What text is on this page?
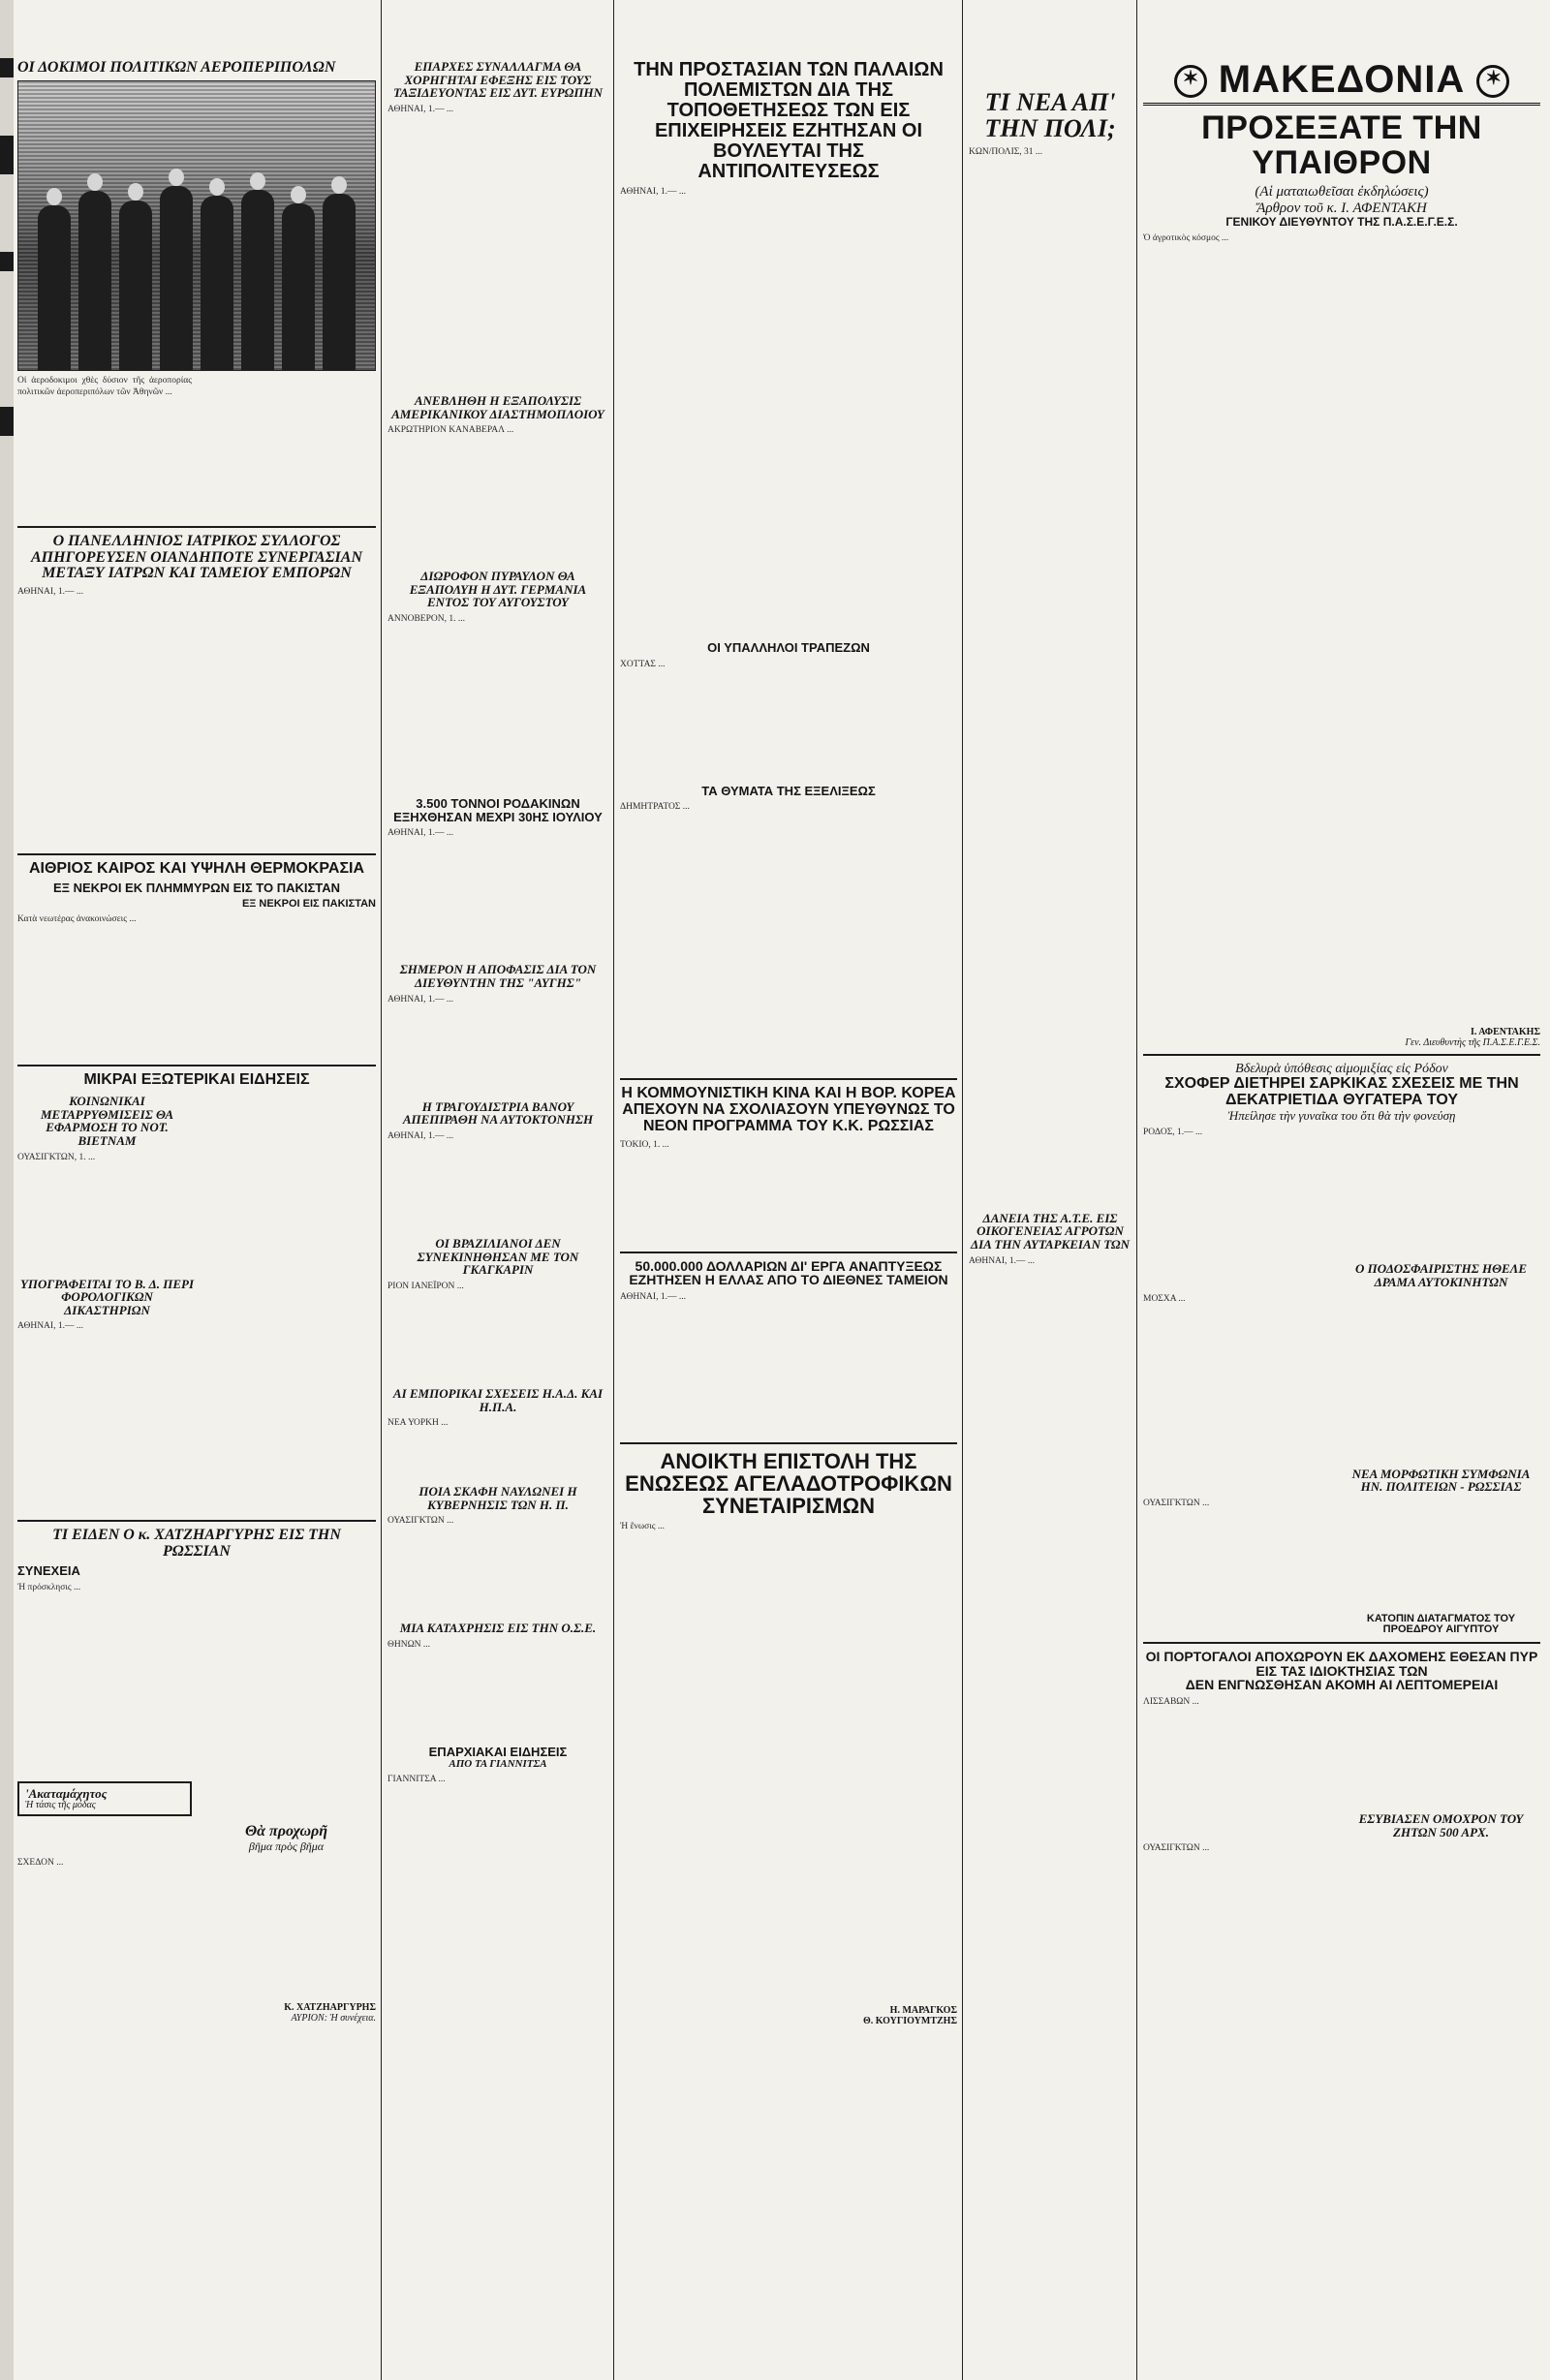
ΟΙ ΔΟΚΙΜΟΙ ΠΟΛΙΤΙΚΩΝ ΑΕΡΟΠΕΡΙΠΟΛΩΝ
Οἱ ἀεροδοκιμοι χθὲς δύσιον τῆς ἀεροπορίας πολιτικῶν ἀεροπεριπόλων τῶν Ἀθηνῶν ...
Ο ΠΑΝΕΛΛΗΝΙΟΣ ΙΑΤΡΙΚΟΣ ΣΥΛΛΟΓΟΣ ΑΠΗΓΟΡΕΥΣΕΝ ΟΙΑΝΔΗΠΟΤΕ ΣΥΝΕΡΓΑΣΙΑΝ ΜΕΤΑΞΥ ΙΑΤΡΩΝ ΚΑΙ ΤΑΜΕΙΟΥ ΕΜΠΟΡΩΝ
ΑΘΗΝΑΙ, 1.— ...
ΑΙΘΡΙΟΣ ΚΑΙΡΟΣ ΚΑΙ ΥΨΗΛΗ ΘΕΡΜΟΚΡΑΣΙΑ
ΕΞ ΝΕΚΡΟΙ ΕΚ ΠΛΗΜΜΥΡΩΝ ΕΙΣ ΤΟ ΠΑΚΙΣΤΑΝ
ΕΞ ΝΕΚΡΟΙ ΕΙΣ ΠΑΚΙΣΤΑΝ
Κατὰ νεωτέρας ἀνακοινώσεις ...
ΜΙΚΡΑΙ ΕΞΩΤΕΡΙΚΑΙ ΕΙΔΗΣΕΙΣ
ΚΟΙΝΩΝΙΚΑΙ ΜΕΤΑΡΡΥΘΜΙΣΕΙΣ ΘΑ ΕΦΑΡΜΟΣΗ ΤΟ ΝΟΤ. ΒΙΕΤΝΑΜ
ΟΥΑΣΙΓΚΤΩΝ, 1. ...
ΥΠΟΓΡΑΦΕΙΤΑΙ ΤΟ Β. Δ. ΠΕΡΙ ΦΟΡΟΛΟΓΙΚΩΝ ΔΙΚΑΣΤΗΡΙΩΝ
ΑΘΗΝΑΙ, 1.— ...
ΤΙ ΕΙΔΕΝ Ο κ. ΧΑΤΖΗΑΡΓΥΡΗΣ ΕΙΣ ΤΗΝ ΡΩΣΣΙΑΝ
ΣΥΝΕΧΕΙΑ
Ἡ πρόσκλησις ...
'Ακαταμάχητος
Ἡ τάσις τῆς μόδας
Θὰ προχωρῆ
βῆμα πρὸς βῆμα
ΣΧΕΔΟΝ ...
Κ. ΧΑΤΖΗΑΡΓΥΡΗΣ
ΑΥΡΙΟΝ: Ἡ συνέχεια.
ΕΠΑΡΧΕΣ ΣΥΝΑΛΛΑΓΜΑ ΘΑ ΧΟΡΗΓΗΤΑΙ ΕΦΕΞΗΣ ΕΙΣ ΤΟΥΣ ΤΑΞΙΔΕΥΟΝΤΑΣ ΕΙΣ ΔΥΤ. ΕΥΡΩΠΗΝ
ΑΘΗΝΑΙ, 1.— ...
ΑΝΕΒΛΗΘΗ Η ΕΞΑΠΟΛΥΣΙΣ ΑΜΕΡΙΚΑΝΙΚΟΥ ΔΙΑΣΤΗΜΟΠΛΟΙΟΥ
ΑΚΡΩΤΗΡΙΟΝ ΚΑΝΑΒΕΡΑΛ ...
ΔΙΩΡΟΦΟΝ ΠΥΡΑΥΛΟΝ ΘΑ ΕΞΑΠΟΛΥΗ Η ΔΥΤ. ΓΕΡΜΑΝΙΑ ΕΝΤΟΣ ΤΟΥ ΑΥΓΟΥΣΤΟΥ
ΑΝΝΟΒΕΡΟΝ, 1. ...
3.500 ΤΟΝΝΟΙ ΡΟΔΑΚΙΝΩΝ ΕΞΗΧΘΗΣΑΝ ΜΕΧΡΙ 30ΗΣ ΙΟΥΛΙΟΥ
ΑΘΗΝΑΙ, 1.— ...
ΣΗΜΕΡΟΝ Η ΑΠΟΦΑΣΙΣ ΔΙΑ ΤΟΝ ΔΙΕΥΘΥΝΤΗΝ ΤΗΣ "ΑΥΓΗΣ"
ΑΘΗΝΑΙ, 1.— ...
Η ΤΡΑΓΟΥΔΙΣΤΡΙΑ ΒΑΝΟΥ ΑΠΕΠΙΡΑΘΗ ΝΑ ΑΥΤΟΚΤΟΝΗΣΗ
ΑΘΗΝΑΙ, 1.— ...
ΟΙ ΒΡΑΖΙΛΙΑΝΟΙ ΔΕΝ ΣΥΝΕΚΙΝΗΘΗΣΑΝ ΜΕ ΤΟΝ ΓΚΑΓΚΑΡΙΝ
ΡΙΟΝ ΙΑΝΕΪΡΟΝ ...
ΑΙ ΕΜΠΟΡΙΚΑΙ ΣΧΕΣΕΙΣ Η.Α.Δ. ΚΑΙ Η.Π.Α.
ΝΕΑ ΥΟΡΚΗ ...
ΠΟΙΑ ΣΚΑΦΗ ΝΑΥΛΩΝΕΙ Η ΚΥΒΕΡΝΗΣΙΣ ΤΩΝ Η. Π.
ΟΥΑΣΙΓΚΤΩΝ ...
ΜΙΑ ΚΑΤΑΧΡΗΣΙΣ ΕΙΣ ΤΗΝ Ο.Σ.Ε.
ΘΗΝΩΝ ...
ΕΠΑΡΧΙΑΚΑΙ ΕΙΔΗΣΕΙΣ
ΑΠΟ ΤΑ ΓΙΑΝΝΙΤΣΑ
ΓΙΑΝΝΙΤΣΑ ...
ΤΗΝ ΠΡΟΣΤΑΣΙΑΝ ΤΩΝ ΠΑΛΑΙΩΝ ΠΟΛΕΜΙΣΤΩΝ ΔΙΑ ΤΗΣ ΤΟΠΟΘΕΤΗΣΕΩΣ ΤΩΝ ΕΙΣ ΕΠΙΧΕΙΡΗΣΕΙΣ ΕΖΗΤΗΣΑΝ ΟΙ ΒΟΥΛΕΥΤΑΙ ΤΗΣ ΑΝΤΙΠΟΛΙΤΕΥΣΕΩΣ
ΑΘΗΝΑΙ, 1.— ...
ΟΙ ΥΠΑΛΛΗΛΟΙ ΤΡΑΠΕΖΩΝ
ΧΟΤΤΑΣ ...
ΤΑ ΘΥΜΑΤΑ ΤΗΣ ΕΞΕΛΙΞΕΩΣ
ΔΗΜΗΤΡΑΤΟΣ ...
Η ΚΟΜΜΟΥΝΙΣΤΙΚΗ ΚΙΝΑ ΚΑΙ Η ΒΟΡ. ΚΟΡΕΑ ΑΠΕΧΟΥΝ ΝΑ ΣΧΟΛΙΑΣΟΥΝ ΥΠΕΥΘΥΝΩΣ ΤΟ ΝΕΟΝ ΠΡΟΓΡΑΜΜΑ ΤΟΥ Κ.Κ. ΡΩΣΣΙΑΣ
ΤΟΚΙΟ, 1. ...
50.000.000 ΔΟΛΛΑΡΙΩΝ ΔΙ' ΕΡΓΑ ΑΝΑΠΤΥΞΕΩΣ ΕΖΗΤΗΣΕΝ Η ΕΛΛΑΣ ΑΠΟ ΤΟ ΔΙΕΘΝΕΣ ΤΑΜΕΙΟΝ
ΑΘΗΝΑΙ, 1.— ...
ΑΝΟΙΚΤΗ ΕΠΙΣΤΟΛΗ ΤΗΣ ΕΝΩΣΕΩΣ ΑΓΕΛΑΔΟΤΡΟΦΙΚΩΝ ΣΥΝΕΤΑΙΡΙΣΜΩΝ
Ἡ ἕνωσις ...
Η. ΜΑΡΑΓΚΟΣ
Θ. ΚΟΥΓΙΟΥΜΤΖΗΣ
ΤΙ ΝΕΑ ΑΠ' ΤΗΝ ΠΟΛΙ;
ΚΩΝ/ΠΟΛΙΣ, 31 ...
ΔΑΝΕΙΑ ΤΗΣ Α.Τ.Ε. ΕΙΣ ΟΙΚΟΓΕΝΕΙΑΣ ΑΓΡΟΤΩΝ ΔΙΑ ΤΗΝ ΑΥΤΑΡΚΕΙΑΝ ΤΩΝ
ΑΘΗΝΑΙ, 1.— ...
✶ ΜΑΚΕΔΟΝΙΑ ✶
ΠΡΟΣΕΞΑΤΕ ΤΗΝ ΥΠΑΙΘΡΟΝ
(Αἱ ματαιωθεῖσαι ἐκδηλώσεις)
Ἄρθρον τοῦ κ. Ι. ΑΦΕΝΤΑΚΗ
ΓΕΝΙΚΟΥ ΔΙΕΥΘΥΝΤΟΥ ΤΗΣ Π.Α.Σ.Ε.Γ.Ε.Σ.
Ὁ ἀγροτικὸς κόσμος ...
Ι. ΑΦΕΝΤΑΚΗΣ
Γεν. Διευθυντὴς τῆς Π.Α.Σ.Ε.Γ.Ε.Σ.
Βδελυρὰ ὑπόθεσις αἱμομιξίας εἰς Ρόδον
ΣΧΟΦΕΡ ΔΙΕΤΗΡΕΙ ΣΑΡΚΙΚΑΣ ΣΧΕΣΕΙΣ ΜΕ ΤΗΝ ΔΕΚΑΤΡΙΕΤΙΔΑ ΘΥΓΑΤΕΡΑ ΤΟΥ
Ἠπείλησε τὴν γυναῖκα του ὅτι θὰ τὴν φονεύσῃ
ΡΟΔΟΣ, 1.— ...
Ο ΠΟΔΟΣΦΑΙΡΙΣΤΗΣ ΗΘΕΛΕ ΔΡΑΜΑ ΑΥΤΟΚΙΝΗΤΩΝ
ΜΟΣΧΑ ...
ΝΕΑ ΜΟΡΦΩΤΙΚΗ ΣΥΜΦΩΝΙΑ ΗΝ. ΠΟΛΙΤΕΙΩΝ - ΡΩΣΣΙΑΣ
ΟΥΑΣΙΓΚΤΩΝ ...
ΚΑΤΟΠΙΝ ΔΙΑΤΑΓΜΑΤΟΣ ΤΟΥ ΠΡΟΕΔΡΟΥ ΑΙΓΥΠΤΟΥ
ΟΙ ΠΟΡΤΟΓΑΛΟΙ ΑΠΟΧΩΡΟΥΝ ΕΚ ΔΑΧΟΜΕΗΣ ΕΘΕΣΑΝ ΠΥΡ ΕΙΣ ΤΑΣ ΙΔΙΟΚΤΗΣΙΑΣ ΤΩΝ
ΔΕΝ ΕΝΓΝΩΣΘΗΣΑΝ ΑΚΟΜΗ ΑΙ ΛΕΠΤΟΜΕΡΕΙΑΙ
ΛΙΣΣΑΒΩΝ ...
ΕΣΥΒΙΑΣΕΝ ΟΜΟΧΡΟΝ ΤΟΥ ΖΗΤΩΝ 500 ΑΡΧ.
ΟΥΑΣΙΓΚΤΩΝ ...
